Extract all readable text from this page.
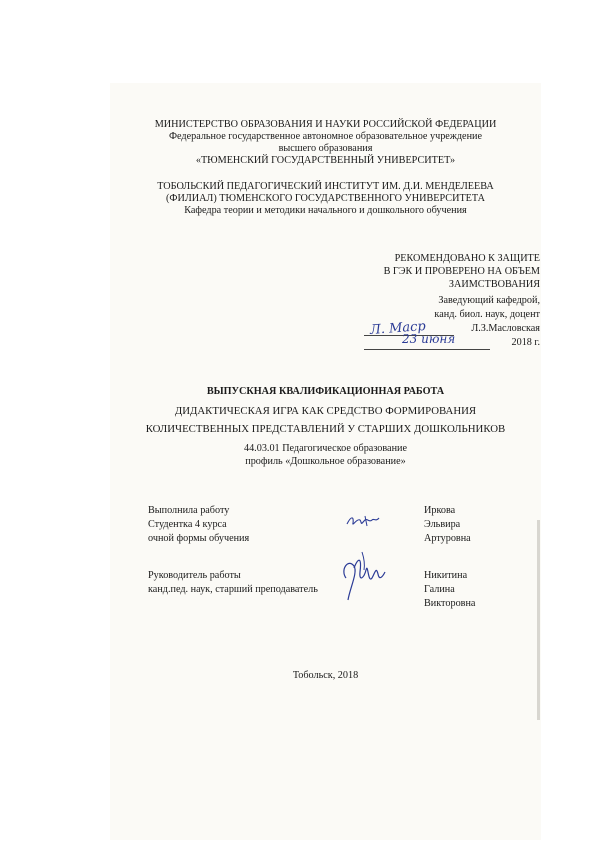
МИНИСТЕРСТВО ОБРАЗОВАНИЯ И НАУКИ РОССИЙСКОЙ ФЕДЕРАЦИИ
Федеральное государственное автономное образовательное учреждение
высшего образования
«ТЮМЕНСКИЙ ГОСУДАРСТВЕННЫЙ УНИВЕРСИТЕТ»
ТОБОЛЬСКИЙ ПЕДАГОГИЧЕСКИЙ ИНСТИТУТ ИМ. Д.И. МЕНДЕЛЕЕВА
(ФИЛИАЛ) ТЮМЕНСКОГО ГОСУДАРСТВЕННОГО УНИВЕРСИТЕТА
Кафедра теории и методики начального и дошкольного обучения
РЕКОМЕНДОВАНО К ЗАЩИТЕ
В ГЭК И ПРОВЕРЕНО НА ОБЪЕМ
ЗАИМСТВОВАНИЯ
Заведующий кафедрой,
канд. биол. наук, доцент
Л. Маср	Л.З.Масловская
23 июня	2018 г.
ВЫПУСКНАЯ КВАЛИФИКАЦИОННАЯ РАБОТА
ДИДАКТИЧЕСКАЯ ИГРА КАК СРЕДСТВО ФОРМИРОВАНИЯ
КОЛИЧЕСТВЕННЫХ ПРЕДСТАВЛЕНИЙ У СТАРШИХ ДОШКОЛЬНИКОВ
44.03.01 Педагогическое образование
профиль «Дошкольное образование»
Выполнила работу
Студентка 4 курса
очной формы обучения
Иркова
Эльвира
Артуровна
Руководитель работы
канд.пед. наук, старший преподаватель
Никитина
Галина
Викторовна
Тобольск, 2018
